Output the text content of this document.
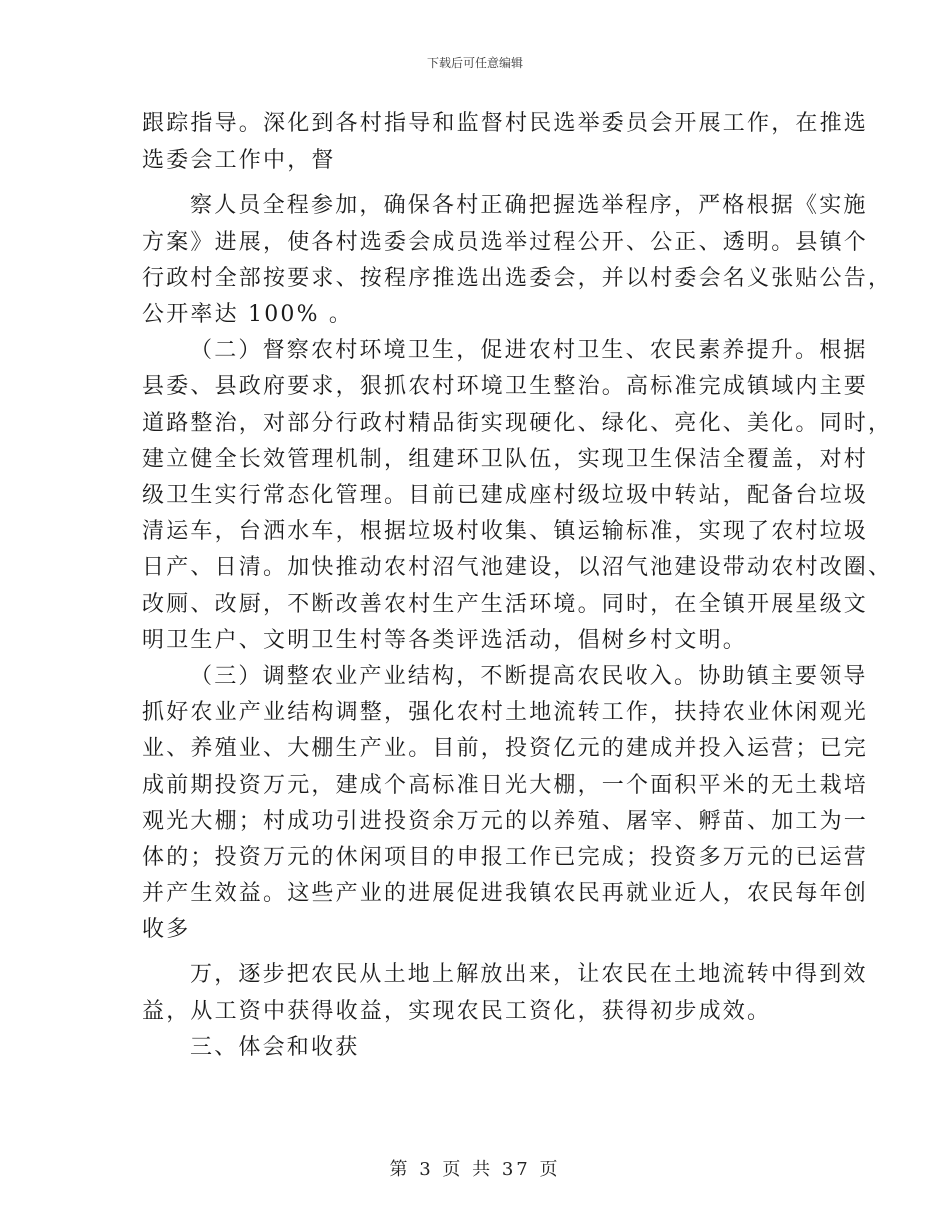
下载后可任意编辑
跟踪指导。深化到各村指导和监督村民选举委员会开展工作，在推选
选委会工作中，督
察人员全程参加，确保各村正确把握选举程序，严格根据《实施
方案》进展，使各村选委会成员选举过程公开、公正、透明。县镇个
行政村全部按要求、按程序推选出选委会，并以村委会名义张贴公告，
公开率达 100% 。
（二）督察农村环境卫生，促进农村卫生、农民素养提升。根据
县委、县政府要求，狠抓农村环境卫生整治。高标准完成镇域内主要
道路整治，对部分行政村精品街实现硬化、绿化、亮化、美化。同时，
建立健全长效管理机制，组建环卫队伍，实现卫生保洁全覆盖，对村
级卫生实行常态化管理。目前已建成座村级垃圾中转站，配备台垃圾
清运车，台洒水车，根据垃圾村收集、镇运输标准，实现了农村垃圾
日产、日清。加快推动农村沼气池建设，以沼气池建设带动农村改圈、
改厕、改厨，不断改善农村生产生活环境。同时，在全镇开展星级文
明卫生户、文明卫生村等各类评选活动，倡树乡村文明。
（三）调整农业产业结构，不断提高农民收入。协助镇主要领导
抓好农业产业结构调整，强化农村土地流转工作，扶持农业休闲观光
业、养殖业、大棚生产业。目前，投资亿元的建成并投入运营；已完
成前期投资万元，建成个高标准日光大棚，一个面积平米的无土栽培
观光大棚；村成功引进投资余万元的以养殖、屠宰、孵苗、加工为一
体的；投资万元的休闲项目的申报工作已完成；投资多万元的已运营
并产生效益。这些产业的进展促进我镇农民再就业近人，农民每年创
收多
万，逐步把农民从土地上解放出来，让农民在土地流转中得到效
益，从工资中获得收益，实现农民工资化，获得初步成效。
三、体会和收获
第 3 页 共 37 页
